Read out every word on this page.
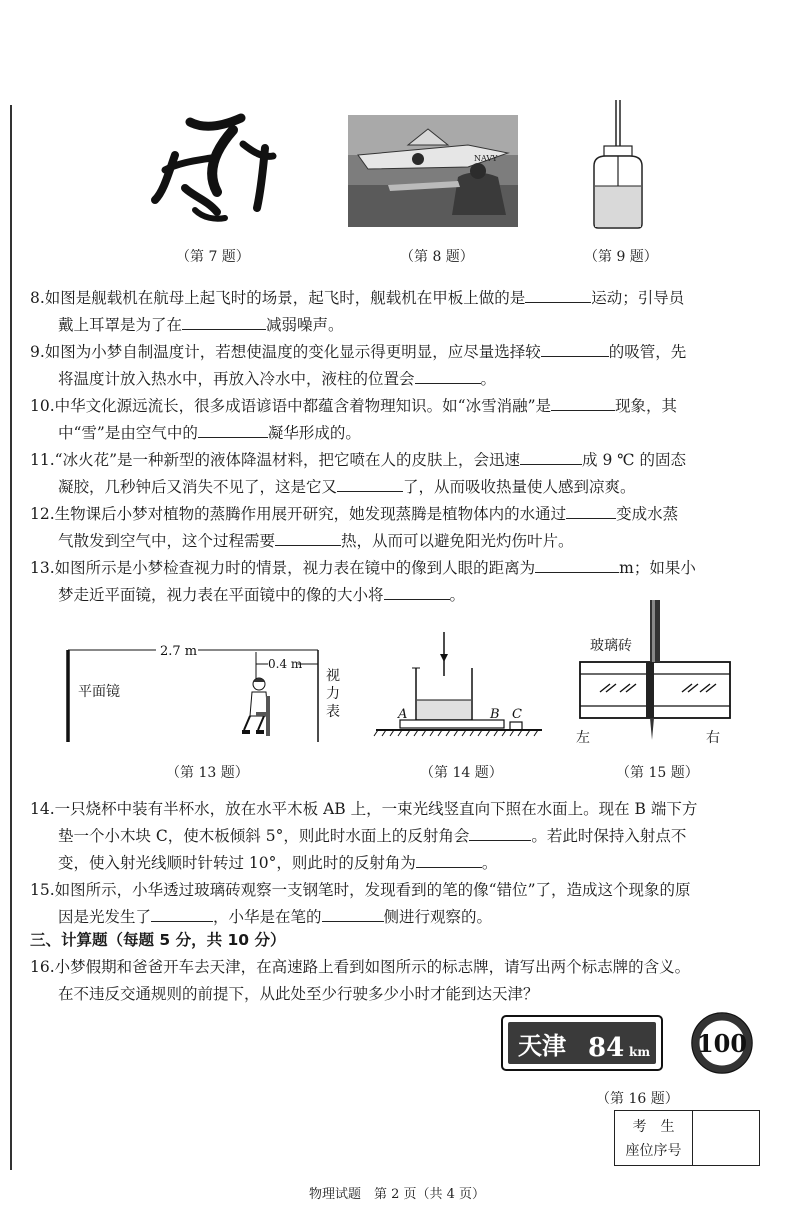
NAVY
（第 7 题）	（第 8 题）	（第 9 题）
8.如图是舰载机在航母上起飞时的场景，起飞时，舰载机在甲板上做的是	运动；引导员
戴上耳罩是为了在	减弱噪声。
9.如图为小梦自制温度计，若想使温度的变化显示得更明显，应尽量选择较	的吸管，先
将温度计放入热水中，再放入冷水中，液柱的位置会	。
10.中华文化源远流长，很多成语谚语中都蕴含着物理知识。如“冰雪消融”是	现象，其
中“雪”是由空气中的	凝华形成的。
11.“冰火花”是一种新型的液体降温材料，把它喷在人的皮肤上，会迅速	成 9 ℃ 的固态
凝胶，几秒钟后又消失不见了，这是它又	了，从而吸收热量使人感到凉爽。
12.生物课后小梦对植物的蒸腾作用展开研究，她发现蒸腾是植物体内的水通过	变成水蒸
气散发到空气中，这个过程需要	热，从而可以避免阳光灼伤叶片。
13.如图所示是小梦检查视力时的情景，视力表在镜中的像到人眼的距离为	m；如果小
梦走近平面镜，视力表在平面镜中的像的大小将	。
2.7 m
0.4 m
平面镜
视
力
表	A	B C
玻璃砖
左	右
（第 13 题）	（第 14 题）	（第 15 题）
14.一只烧杯中装有半杯水，放在水平木板 AB 上，一束光线竖直向下照在水面上。现在 B 端下方
垫一个小木块 C，使木板倾斜 5°，则此时水面上的反射角会	。若此时保持入射点不
变，使入射光线顺时针转过 10°，则此时的反射角为	。
15.如图所示，小华透过玻璃砖观察一支钢笔时，发现看到的笔的像“错位”了，造成这个现象的原
因是光发生了	，小华是在笔的	侧进行观察的。
三、计算题（每题 5 分，共 10 分）
16.小梦假期和爸爸开车去天津，在高速路上看到如图所示的标志牌，请写出两个标志牌的含义。
在不违反交通规则的前提下，从此处至少行驶多少小时才能到达天津？
天津 84 km 100
（第 16 题）
考　生
座位序号
物理试题　第 2 页（共 4 页）
